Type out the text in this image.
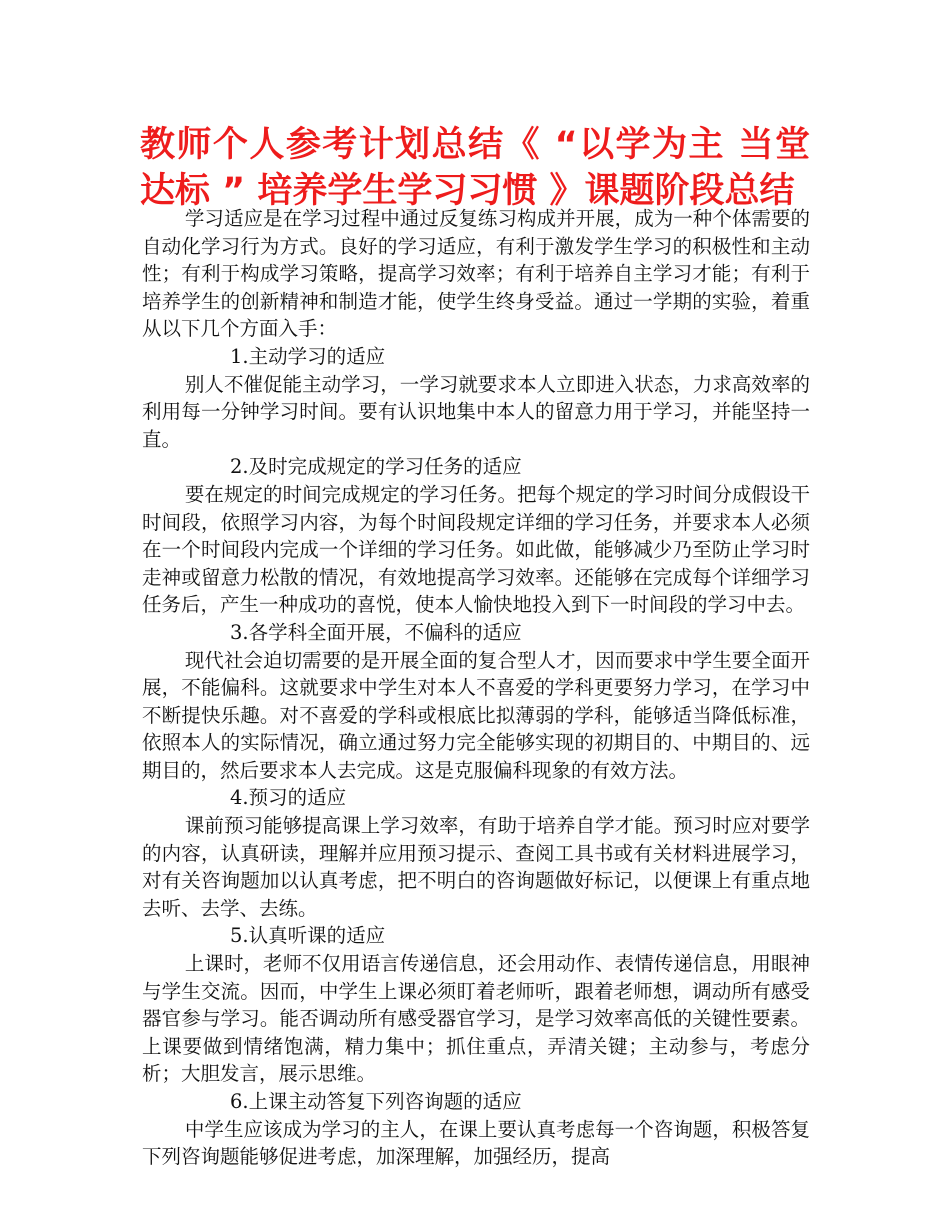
教师个人参考计划总结《 “以学为主 当堂达标 ” 培养学生学习习惯 》课题阶段总结

学习适应是在学习过程中通过反复练习构成并开展，成为一种个体需要的自动化学习行为方式。良好的学习适应，有利于激发学生学习的积极性和主动性；有利于构成学习策略，提高学习效率；有利于培养自主学习才能；有利于培养学生的创新精神和制造才能，使学生终身受益。通过一学期的实验，着重从以下几个方面入手：

1.主动学习的适应

别人不催促能主动学习，一学习就要求本人立即进入状态，力求高效率的利用每一分钟学习时间。要有认识地集中本人的留意力用于学习，并能坚持一直。

2.及时完成规定的学习任务的适应

要在规定的时间完成规定的学习任务。把每个规定的学习时间分成假设干时间段，依照学习内容，为每个时间段规定详细的学习任务，并要求本人必须在一个时间段内完成一个详细的学习任务。如此做，能够减少乃至防止学习时走神或留意力松散的情况，有效地提高学习效率。还能够在完成每个详细学习任务后，产生一种成功的喜悦，使本人愉快地投入到下一时间段的学习中去。

3.各学科全面开展，不偏科的适应

现代社会迫切需要的是开展全面的复合型人才，因而要求中学生要全面开展，不能偏科。这就要求中学生对本人不喜爱的学科更要努力学习，在学习中不断提快乐趣。对不喜爱的学科或根底比拟薄弱的学科，能够适当降低标准，依照本人的实际情况，确立通过努力完全能够实现的初期目的、中期目的、远期目的，然后要求本人去完成。这是克服偏科现象的有效方法。

4.预习的适应

课前预习能够提高课上学习效率，有助于培养自学才能。预习时应对要学的内容，认真研读，理解并应用预习提示、查阅工具书或有关材料进展学习，对有关咨询题加以认真考虑，把不明白的咨询题做好标记，以便课上有重点地去听、去学、去练。

5.认真听课的适应

上课时，老师不仅用语言传递信息，还会用动作、表情传递信息，用眼神与学生交流。因而，中学生上课必须盯着老师听，跟着老师想，调动所有感受器官参与学习。能否调动所有感受器官学习，是学习效率高低的关键性要素。上课要做到情绪饱满，精力集中；抓住重点，弄清关键；主动参与，考虑分析；大胆发言，展示思维。

6.上课主动答复下列咨询题的适应

中学生应该成为学习的主人，在课上要认真考虑每一个咨询题，积极答复下列咨询题能够促进考虑，加深理解，加强经历，提高
